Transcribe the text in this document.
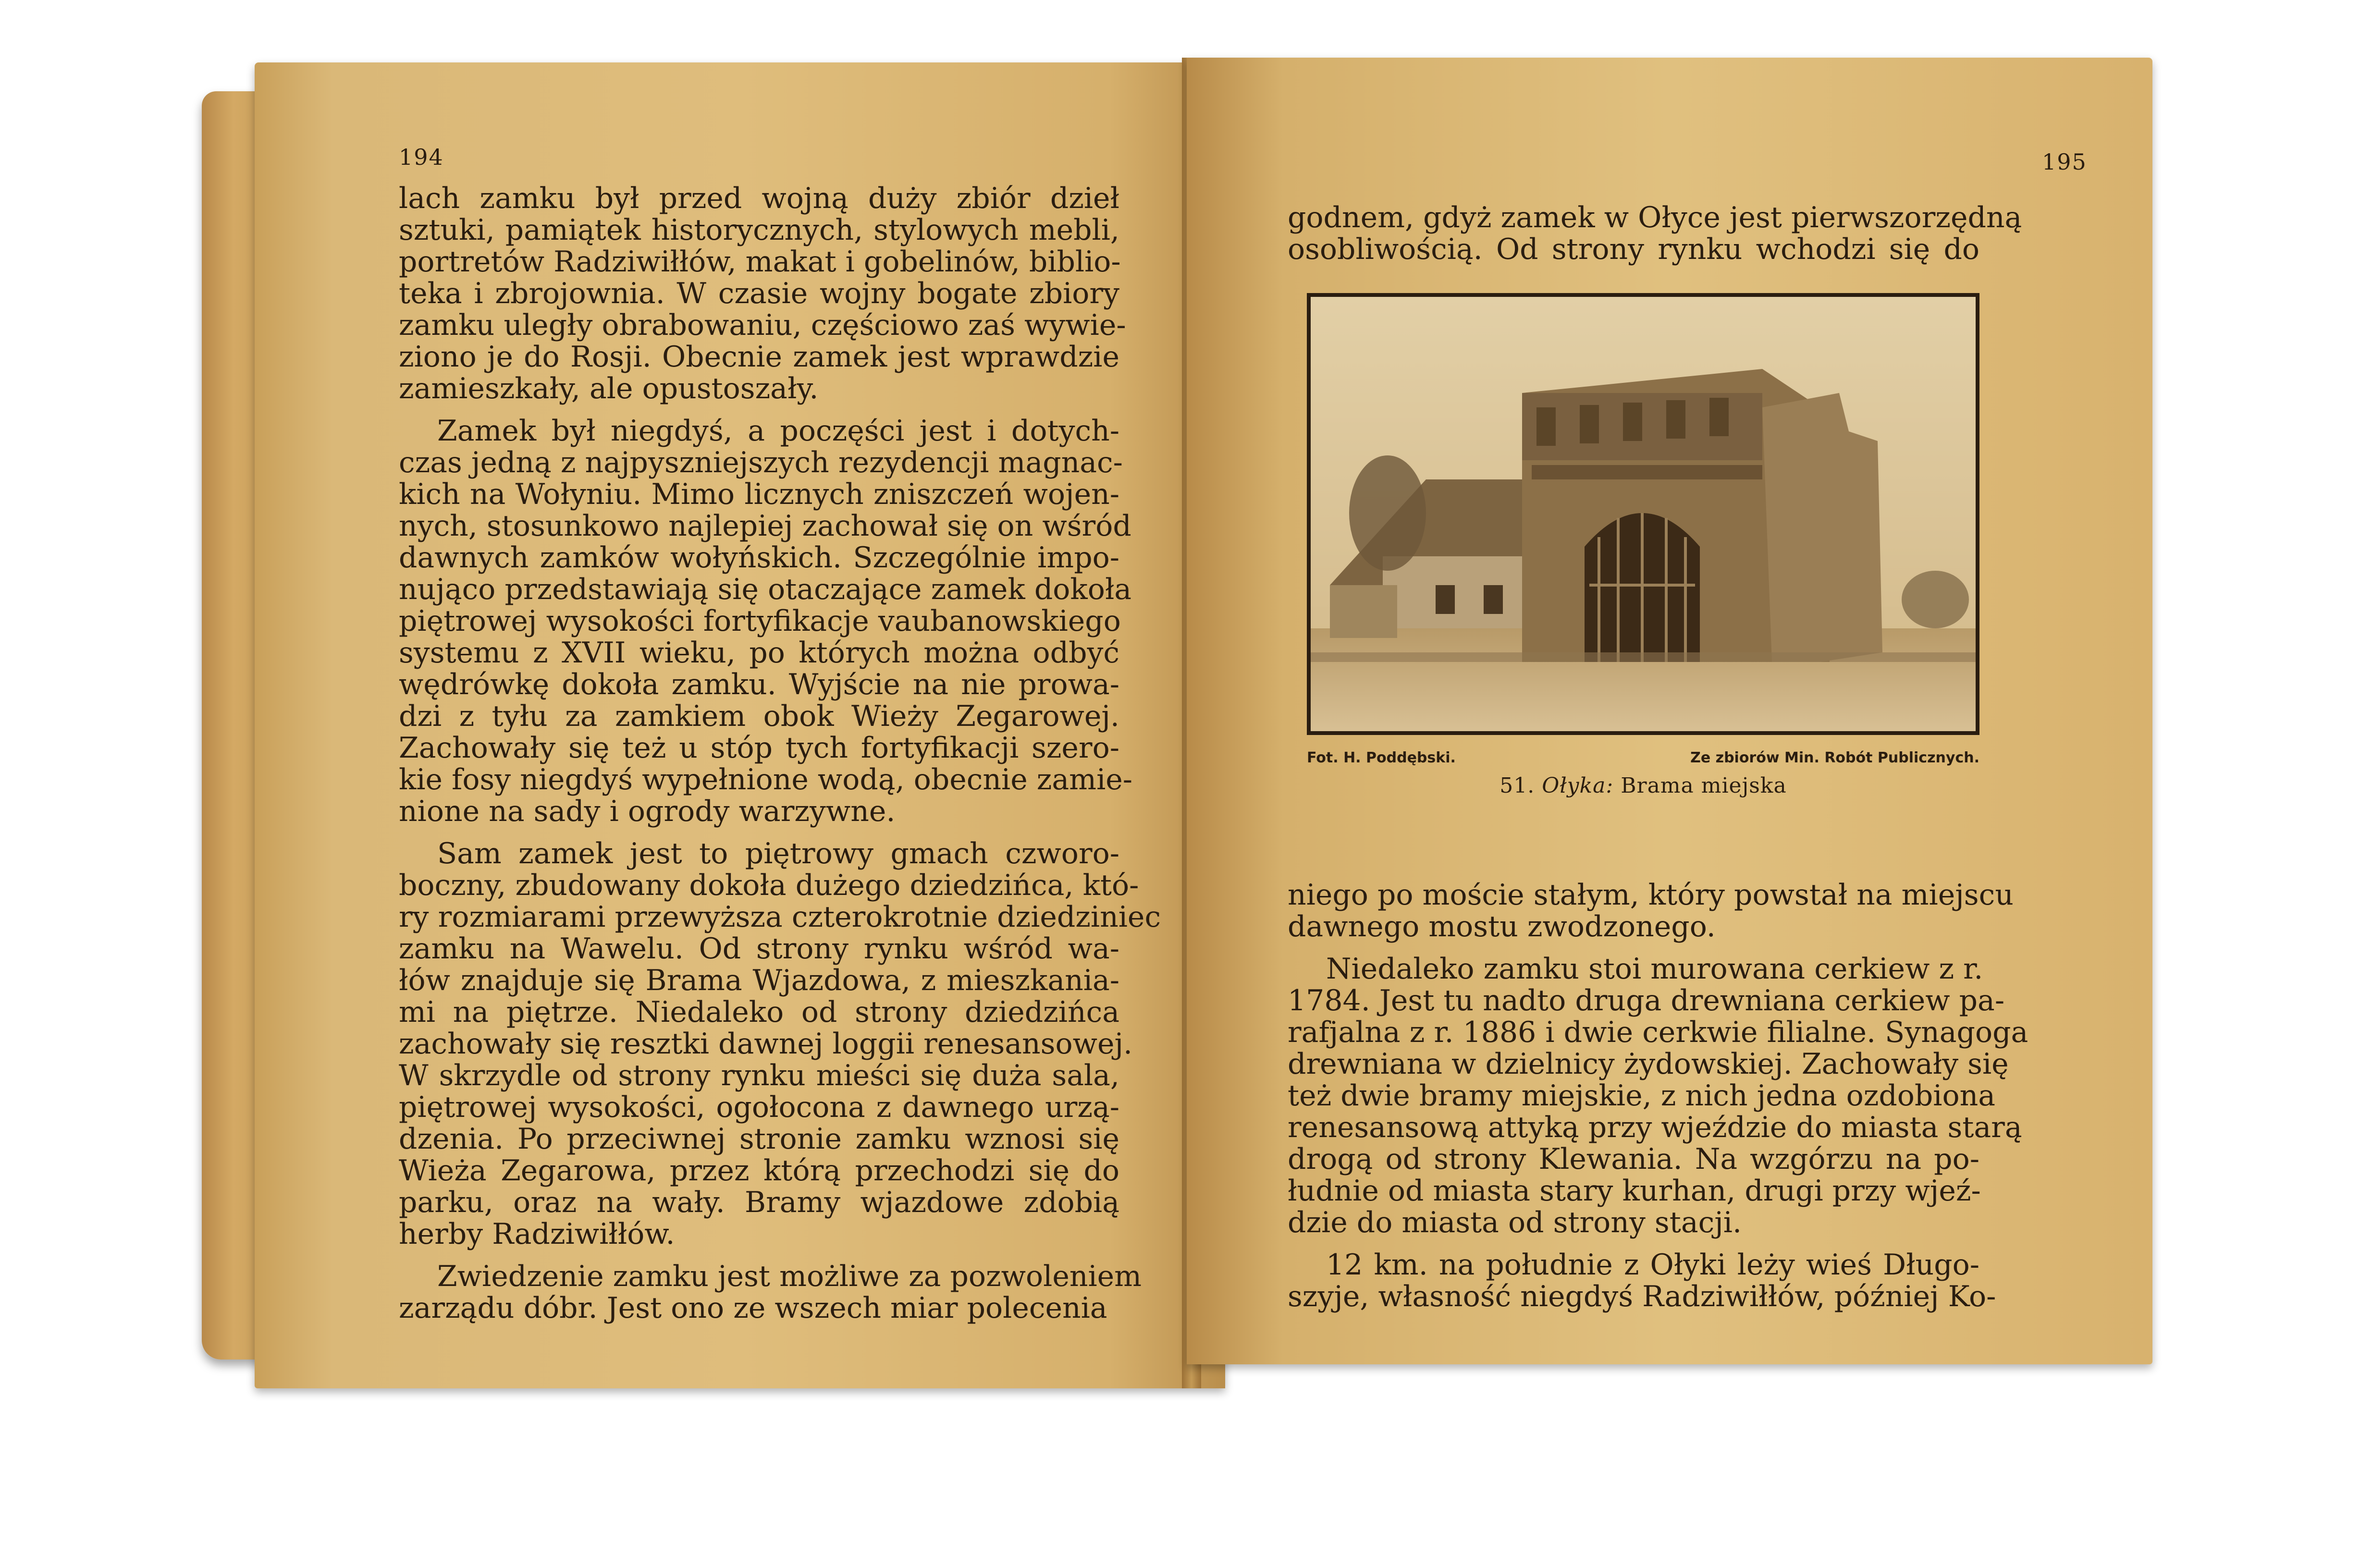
194
lach zamku był przed wojną duży zbiór dzieł
sztuki, pamiątek historycznych, stylowych mebli,
portretów Radziwiłłów, makat i gobelinów, biblio-
teka i zbrojownia. W czasie wojny bogate zbiory
zamku uległy obrabowaniu, częściowo zaś wywie-
ziono je do Rosji. Obecnie zamek jest wprawdzie
zamieszkały, ale opustoszały.
Zamek był niegdyś, a poczęści jest i dotych-
czas jedną z najpyszniejszych rezydencji magnac-
kich na Wołyniu. Mimo licznych zniszczeń wojen-
nych, stosunkowo najlepiej zachował się on wśród
dawnych zamków wołyńskich. Szczególnie impo-
nująco przedstawiają się otaczające zamek dokoła
piętrowej wysokości fortyfikacje vaubanowskiego
systemu z XVII wieku, po których można odbyć
wędrówkę dokoła zamku. Wyjście na nie prowa-
dzi z tyłu za zamkiem obok Wieży Zegarowej.
Zachowały się też u stóp tych fortyfikacji szero-
kie fosy niegdyś wypełnione wodą, obecnie zamie-
nione na sady i ogrody warzywne.
Sam zamek jest to piętrowy gmach czworo-
boczny, zbudowany dokoła dużego dziedzińca, któ-
ry rozmiarami przewyższa czterokrotnie dziedziniec
zamku na Wawelu. Od strony rynku wśród wa-
łów znajduje się Brama Wjazdowa, z mieszkania-
mi na piętrze. Niedaleko od strony dziedzińca
zachowały się resztki dawnej loggii renesansowej.
W skrzydle od strony rynku mieści się duża sala,
piętrowej wysokości, ogołocona z dawnego urzą-
dzenia. Po przeciwnej stronie zamku wznosi się
Wieża Zegarowa, przez którą przechodzi się do
parku, oraz na wały. Bramy wjazdowe zdobią
herby Radziwiłłów.
Zwiedzenie zamku jest możliwe za pozwoleniem
zarządu dóbr. Jest ono ze wszech miar polecenia
195
godnem, gdyż zamek w Ołyce jest pierwszorzędną
osobliwością. Od strony rynku wchodzi się do
Fot. H. Poddębski.	Ze zbiorów Min. Robót Publicznych.
51. Ołyka: Brama miejska
niego po moście stałym, który powstał na miejscu
dawnego mostu zwodzonego.
Niedaleko zamku stoi murowana cerkiew z r.
1784. Jest tu nadto druga drewniana cerkiew pa-
rafjalna z r. 1886 i dwie cerkwie filialne. Synagoga
drewniana w dzielnicy żydowskiej. Zachowały się
też dwie bramy miejskie, z nich jedna ozdobiona
renesansową attyką przy wjeździe do miasta starą
drogą od strony Klewania. Na wzgórzu na po-
łudnie od miasta stary kurhan, drugi przy wjeź-
dzie do miasta od strony stacji.
12 km. na południe z Ołyki leży wieś Długo-
szyje, własność niegdyś Radziwiłłów, później Ko-
